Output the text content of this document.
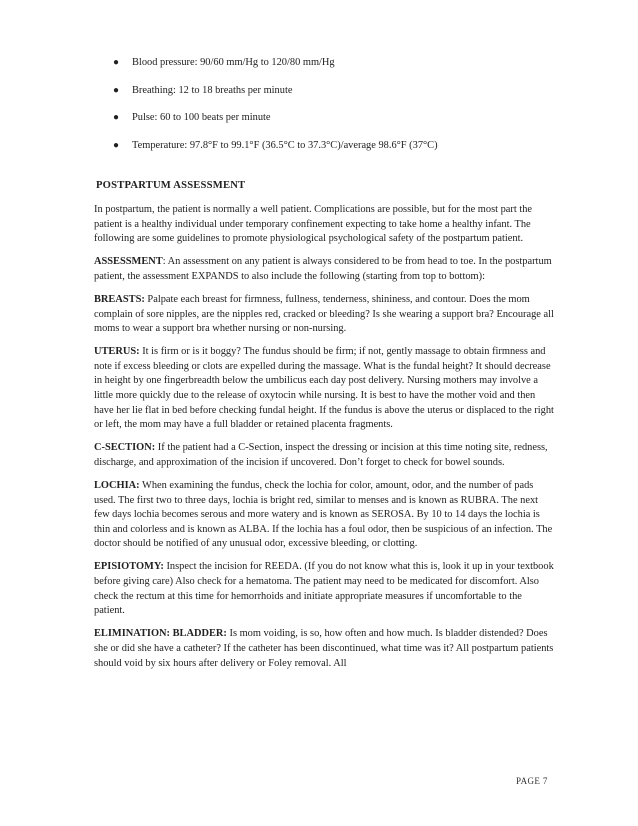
● Blood pressure: 90/60 mm/Hg to 120/80 mm/Hg
● Breathing: 12 to 18 breaths per minute
● Pulse: 60 to 100 beats per minute
● Temperature: 97.8°F to 99.1°F (36.5°C to 37.3°C)/average 98.6°F (37°C)
POSTPARTUM ASSESSMENT

In postpartum, the patient is normally a well patient. Complications are possible, but for the most part the patient is a healthy individual under temporary confinement expecting to take home a healthy infant. The following are some guidelines to promote physiological psychological safety of the postpartum patient.

ASSESSMENT: An assessment on any patient is always considered to be from head to toe. In the postpartum patient, the assessment EXPANDS to also include the following (starting from top to bottom):

BREASTS: Palpate each breast for firmness, fullness, tenderness, shininess, and contour. Does the mom complain of sore nipples, are the nipples red, cracked or bleeding? Is she wearing a support bra? Encourage all moms to wear a support bra whether nursing or non-nursing.

UTERUS: It is firm or is it boggy? The fundus should be firm; if not, gently massage to obtain firmness and note if excess bleeding or clots are expelled during the massage. What is the fundal height? It should decrease in height by one fingerbreadth below the umbilicus each day post delivery. Nursing mothers may involve a little more quickly due to the release of oxytocin while nursing. It is best to have the mother void and then have her lie flat in bed before checking fundal height. If the fundus is above the uterus or displaced to the right or left, the mom may have a full bladder or retained placenta fragments.

C-SECTION: If the patient had a C-Section, inspect the dressing or incision at this time noting site, redness, discharge, and approximation of the incision if uncovered. Don’t forget to check for bowel sounds.

LOCHIA: When examining the fundus, check the lochia for color, amount, odor, and the number of pads used. The first two to three days, lochia is bright red, similar to menses and is known as RUBRA. The next few days lochia becomes serous and more watery and is known as SEROSA. By 10 to 14 days the lochia is thin and colorless and is known as ALBA. If the lochia has a foul odor, then be suspicious of an infection. The doctor should be notified of any unusual odor, excessive bleeding, or clotting.

EPISIOTOMY: Inspect the incision for REEDA. (If you do not know what this is, look it up in your textbook before giving care) Also check for a hematoma. The patient may need to be medicated for discomfort. Also check the rectum at this time for hemorrhoids and initiate appropriate measures if uncomfortable to the patient.

ELIMINATION: BLADDER: Is mom voiding, is so, how often and how much. Is bladder distended? Does she or did she have a catheter? If the catheter has been discontinued, what time was it? All postpartum patients should void by six hours after delivery or Foley removal. All

PAGE 7
